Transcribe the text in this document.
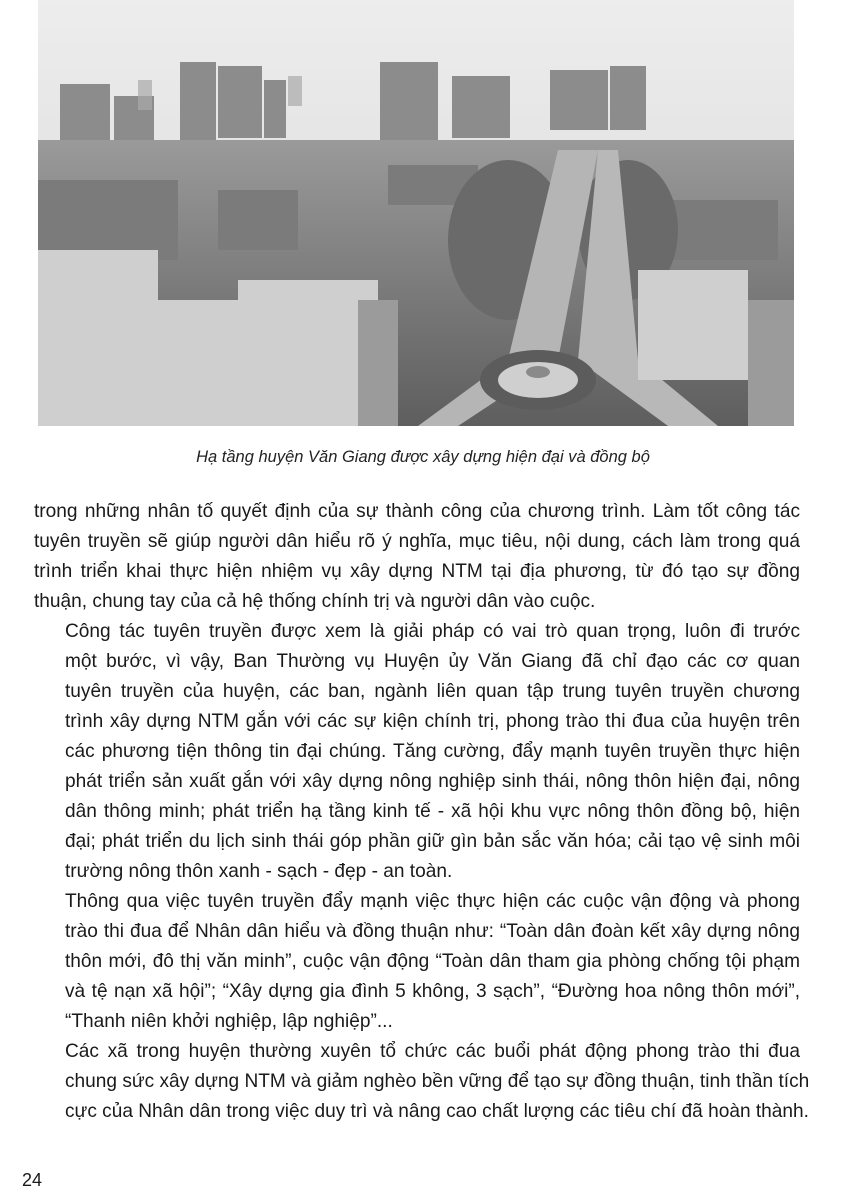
Hạ tầng huyện Văn Giang được xây dựng hiện đại và đồng bộ

trong những nhân tố quyết định của sự thành công của chương trình. Làm tốt công tác
tuyên truyền sẽ giúp người dân hiểu rõ ý nghĩa, mục tiêu, nội dung, cách làm trong quá
trình triển khai thực hiện nhiệm vụ xây dựng NTM tại địa phương, từ đó tạo sự đồng
thuận, chung tay của cả hệ thống chính trị và người dân vào cuộc.

Công tác tuyên truyền được xem là giải pháp có vai trò quan trọng, luôn đi trước
một bước, vì vậy, Ban Thường vụ Huyện ủy Văn Giang đã chỉ đạo các cơ quan
tuyên truyền của huyện, các ban, ngành liên quan tập trung tuyên truyền chương
trình xây dựng NTM gắn với các sự kiện chính trị, phong trào thi đua của huyện trên
các phương tiện thông tin đại chúng. Tăng cường, đẩy mạnh tuyên truyền thực hiện
phát triển sản xuất gắn với xây dựng nông nghiệp sinh thái, nông thôn hiện đại, nông
dân thông minh; phát triển hạ tầng kinh tế - xã hội khu vực nông thôn đồng bộ, hiện
đại; phát triển du lịch sinh thái góp phần giữ gìn bản sắc văn hóa; cải tạo vệ sinh môi
trường nông thôn xanh - sạch - đẹp - an toàn.

Thông qua việc tuyên truyền đẩy mạnh việc thực hiện các cuộc vận động và phong
trào thi đua để Nhân dân hiểu và đồng thuận như: “Toàn dân đoàn kết xây dựng nông
thôn mới, đô thị văn minh”, cuộc vận động “Toàn dân tham gia phòng chống tội phạm
và tệ nạn xã hội”; “Xây dựng gia đình 5 không, 3 sạch”, “Đường hoa nông thôn mới”,
“Thanh niên khởi nghiệp, lập nghiệp”...

Các xã trong huyện thường xuyên tổ chức các buổi phát động phong trào thi đua
chung sức xây dựng NTM và giảm nghèo bền vững để tạo sự đồng thuận, tinh thần tích
cực của Nhân dân trong việc duy trì và nâng cao chất lượng các tiêu chí đã hoàn thành.

24
